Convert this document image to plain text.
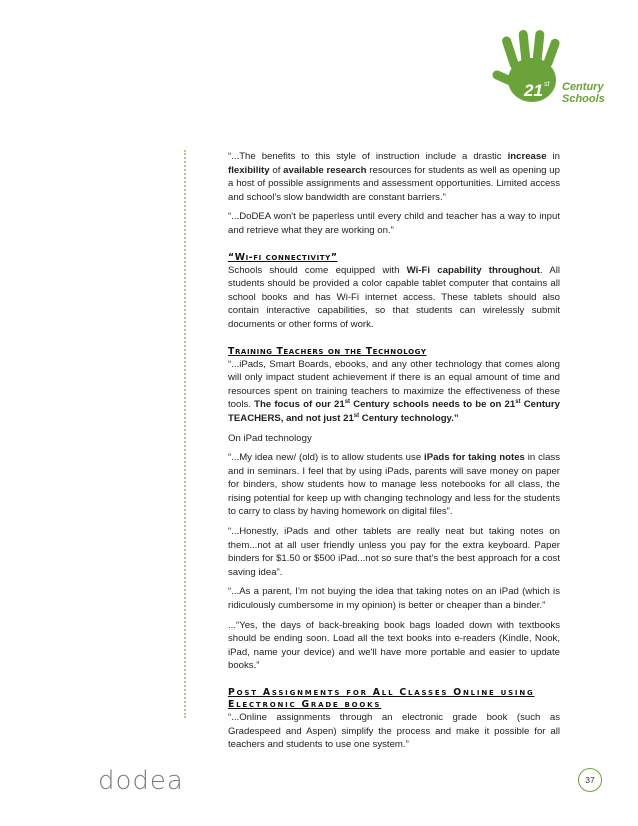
21 st Century
Schools

“...The benefits to this style of instruction include a drastic increase in flexibility of available research resources for students as well as opening up a host of possible assignments and assessment opportunities. Limited access and school's slow bandwidth are constant barriers.”

“...DoDEA won't be paperless until every child and teacher has a way to input and retrieve what they are working on.”

“Wi-fi connectivity”

Schools should come equipped with Wi-Fi capability throughout. All students should be provided a color capable tablet computer that contains all school books and has Wi-Fi internet access. These tablets should also contain interactive capabilities, so that students can wirelessly submit documents or other forms of work.

Training Teachers on the Technology

“...iPads, Smart Boards, ebooks, and any other technology that comes along will only impact student achievement if there is an equal amount of time and resources spent on training teachers to maximize the effectiveness of these tools. The focus of our 21st Century schools needs to be on 21st Century TEACHERS, and not just 21st Century technology.”

On iPad technology

“...My idea new/ (old) is to allow students use iPads for taking notes in class and in seminars. I feel that by using iPads, parents will save money on paper for binders, show students how to manage less notebooks for all class, the rising potential for keep up with changing technology and less for the students to carry to class by having homework on digital files”.

“...Honestly, iPads and other tablets are really neat but taking notes on them...not at all user friendly unless you pay for the extra keyboard. Paper binders for $1.50 or $500 iPad...not so sure that's the best approach for a cost saving idea”.

“...As a parent, I'm not buying the idea that taking notes on an iPad (which is ridiculously cumbersome in my opinion) is better or cheaper than a binder.”

...“Yes, the days of back-breaking book bags loaded down with textbooks should be ending soon. Load all the text books into e-readers (Kindle, Nook, iPad, name your device) and we'll have more portable and easier to update books.”

Post Assignments for All Classes Online using Electronic Grade books

“...Online assignments through an electronic grade book (such as Gradespeed and Aspen) simplify the process and make it possible for all teachers and students to use one system.”

dodea	37
